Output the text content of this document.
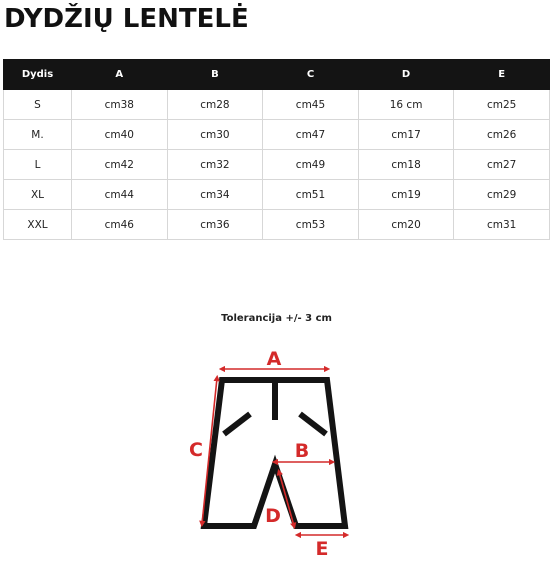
DYDŽIŲ LENTELĖ
Dydis	A	B	C	D	E
S	cm38	cm28	cm45	16 cm	cm25
M.	cm40	cm30	cm47	cm17	cm26
L	cm42	cm32	cm49	cm18	cm27
XL	cm44	cm34	cm51	cm19	cm29
XXL	cm46	cm36	cm53	cm20	cm31
Tolerancija +/- 3 cm
A
B
C
D
E
